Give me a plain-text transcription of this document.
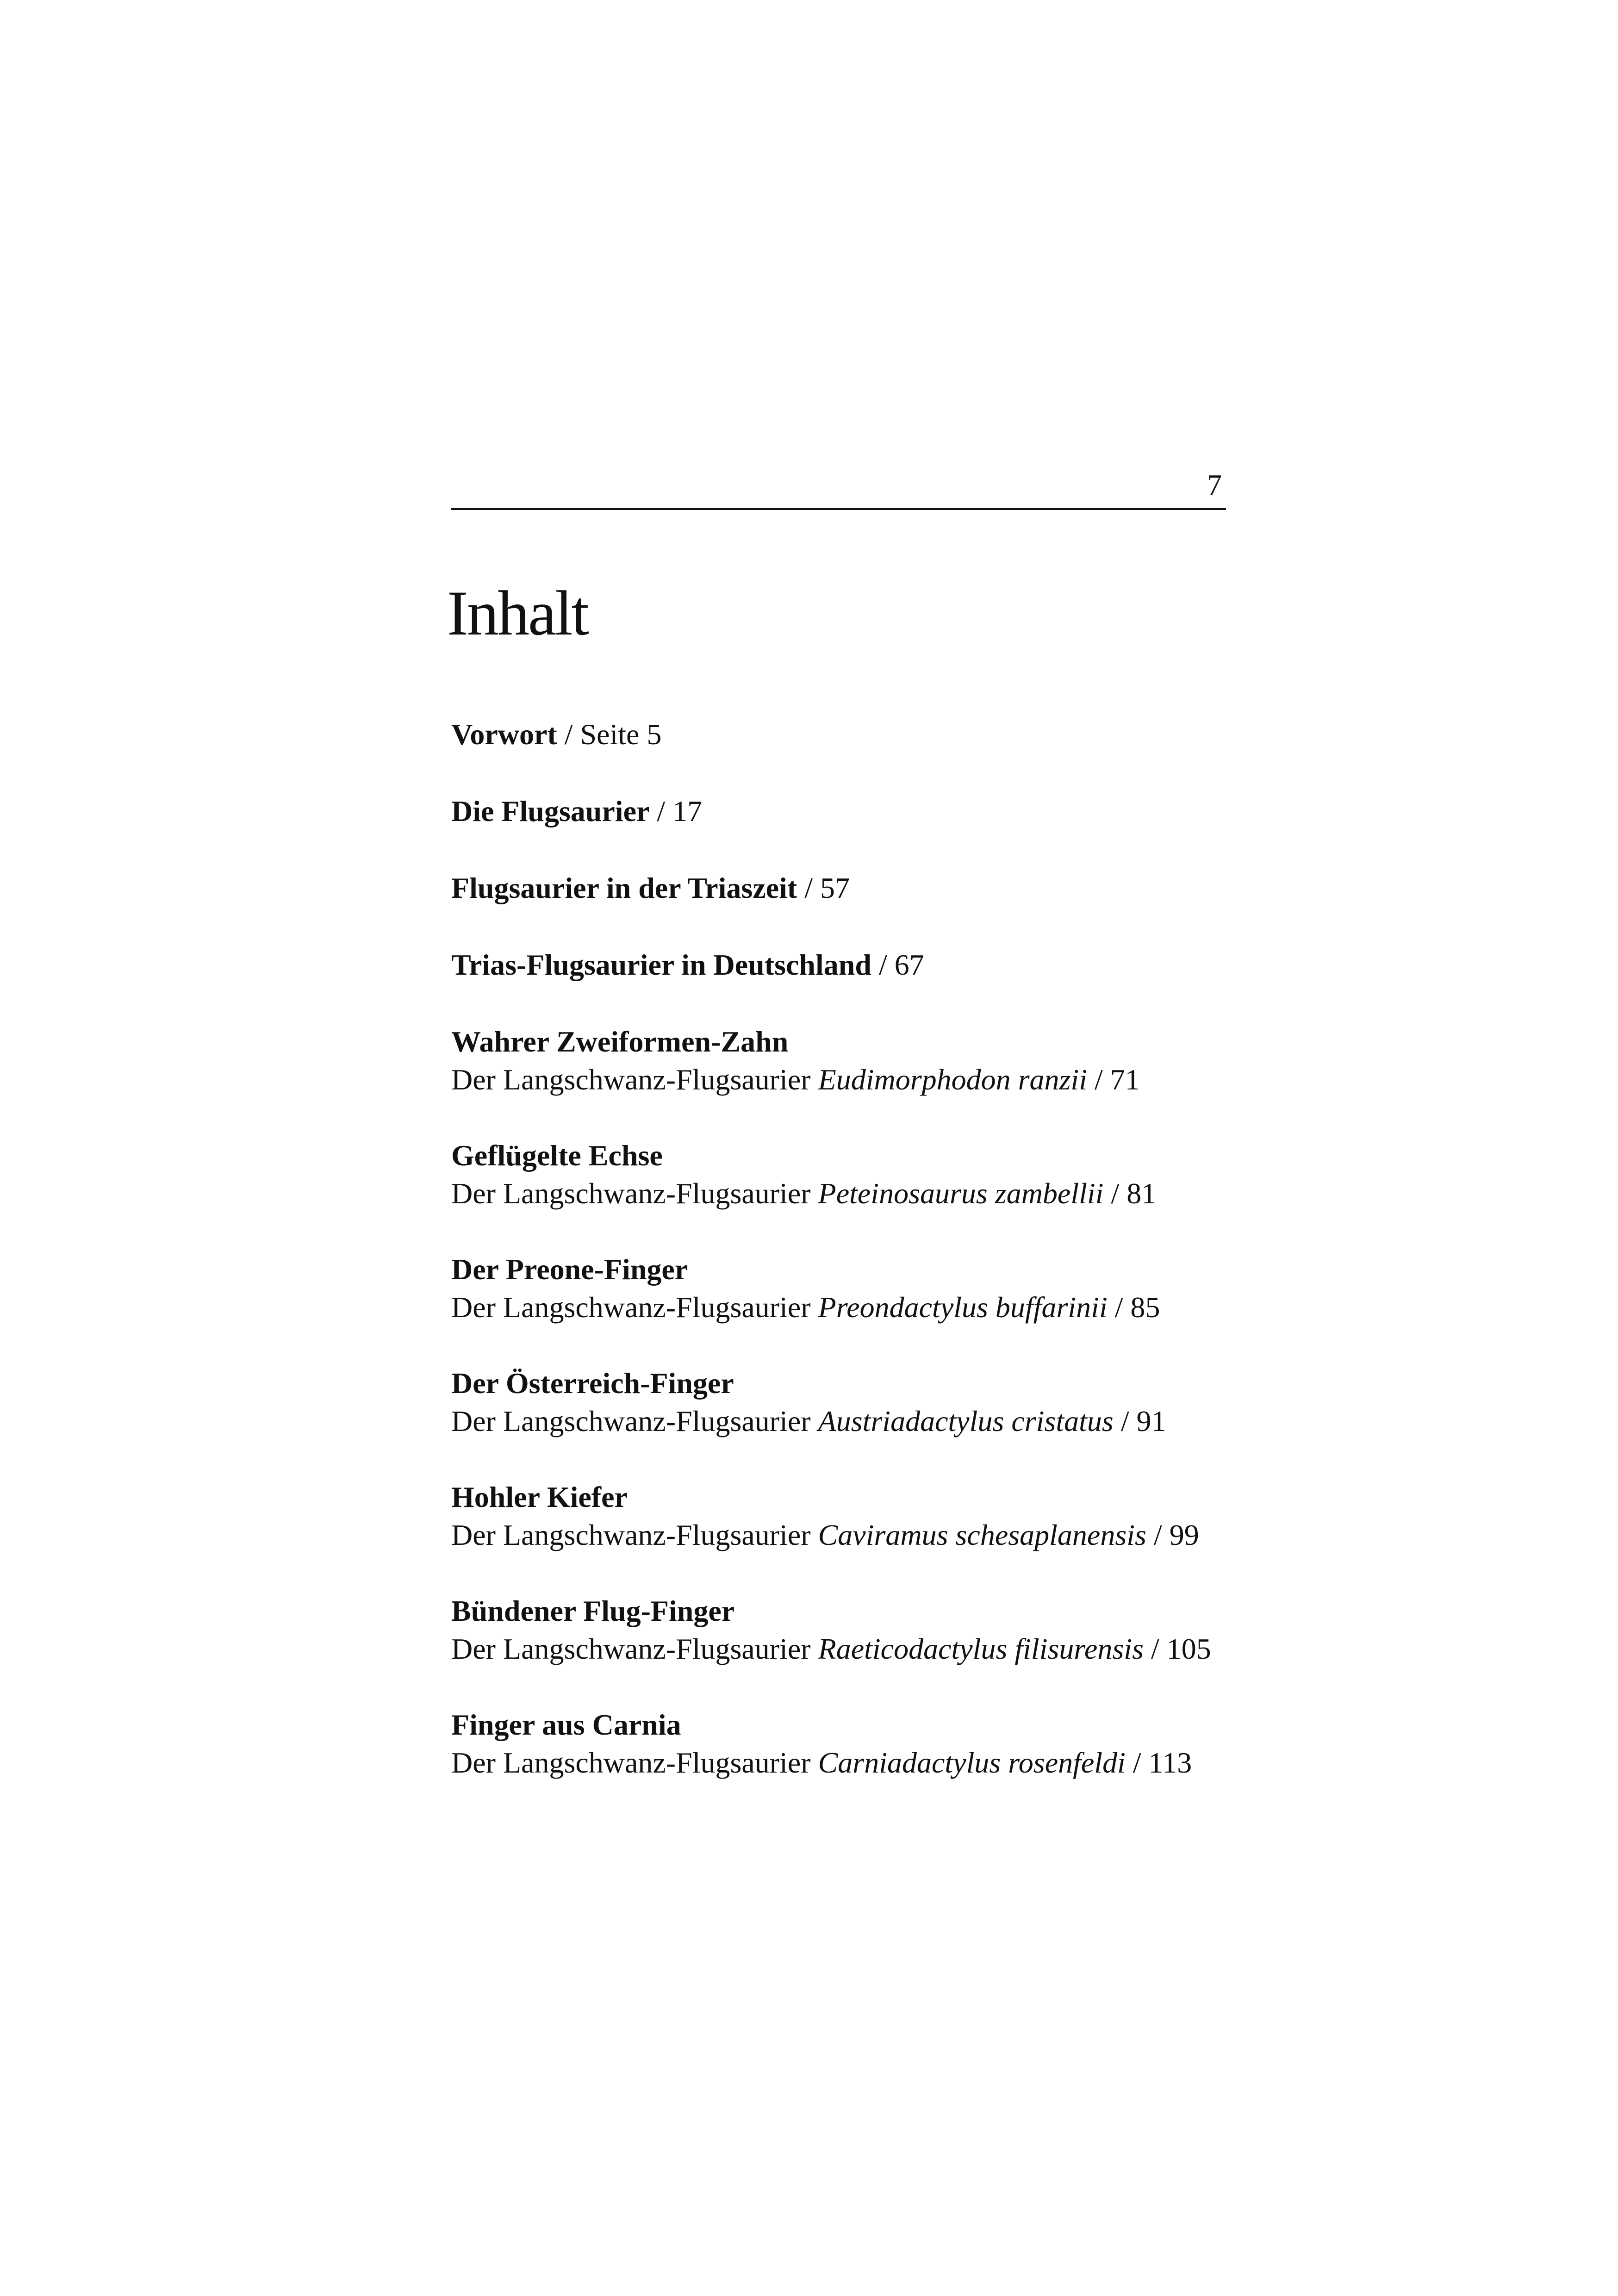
7
Inhalt
Vorwort / Seite 5
Die Flugsaurier / 17
Flugsaurier in der Triaszeit / 57
Trias-Flugsaurier in Deutschland / 67
Wahrer Zweiformen-Zahn
Der Langschwanz-Flugsaurier Eudimorphodon ranzii / 71
Geflügelte Echse
Der Langschwanz-Flugsaurier Peteinosaurus zambellii / 81
Der Preone-Finger
Der Langschwanz-Flugsaurier Preondactylus buffarinii / 85
Der Österreich-Finger
Der Langschwanz-Flugsaurier Austriadactylus cristatus / 91
Hohler Kiefer
Der Langschwanz-Flugsaurier Caviramus schesaplanensis / 99
Bündener Flug-Finger
Der Langschwanz-Flugsaurier Raeticodactylus filisurensis / 105
Finger aus Carnia
Der Langschwanz-Flugsaurier Carniadactylus rosenfeldi / 113
